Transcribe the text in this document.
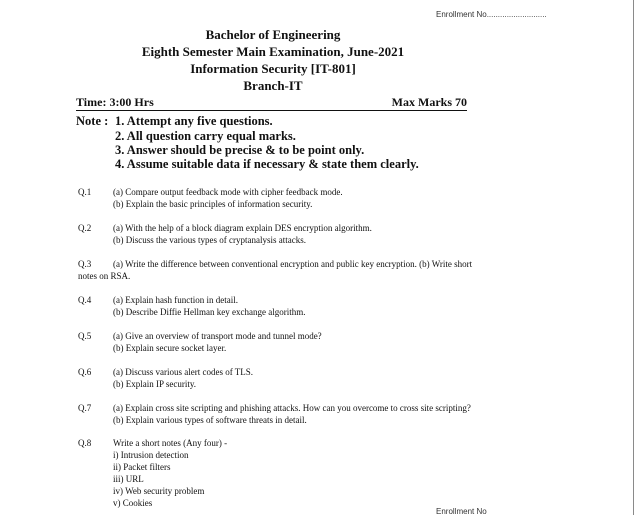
Enrollment No...........................
Bachelor of Engineering
Eighth Semester Main Examination, June-2021
Information Security [IT-801]
Branch-IT
Time: 3:00 Hrs	Max Marks 70
Note : 1. Attempt any five questions.
2. All question carry equal marks.
3. Answer should be precise & to be point only.
4. Assume suitable data if necessary & state them clearly.
Q.1 (a) Compare output feedback mode with cipher feedback mode.
(b) Explain the basic principles of information security.
Q.2 (a) With the help of a block diagram explain DES encryption algorithm.
(b) Discuss the various types of cryptanalysis attacks.
Q.3 (a) Write the difference between conventional encryption and public key encryption. (b) Write short
notes on RSA.
Q.4 (a) Explain hash function in detail.
(b) Describe Diffie Hellman key exchange algorithm.
Q.5 (a) Give an overview of transport mode and tunnel mode?
(b) Explain secure socket layer.
Q.6 (a) Discuss various alert codes of TLS.
(b) Explain IP security.
Q.7 (a) Explain cross site scripting and phishing attacks. How can you overcome to cross site scripting?
(b) Explain various types of software threats in detail.
Q.8 Write a short notes (Any four) -
i) Intrusion detection
ii) Packet filters
iii) URL
iv) Web security problem
v) Cookies
Enrollment No
